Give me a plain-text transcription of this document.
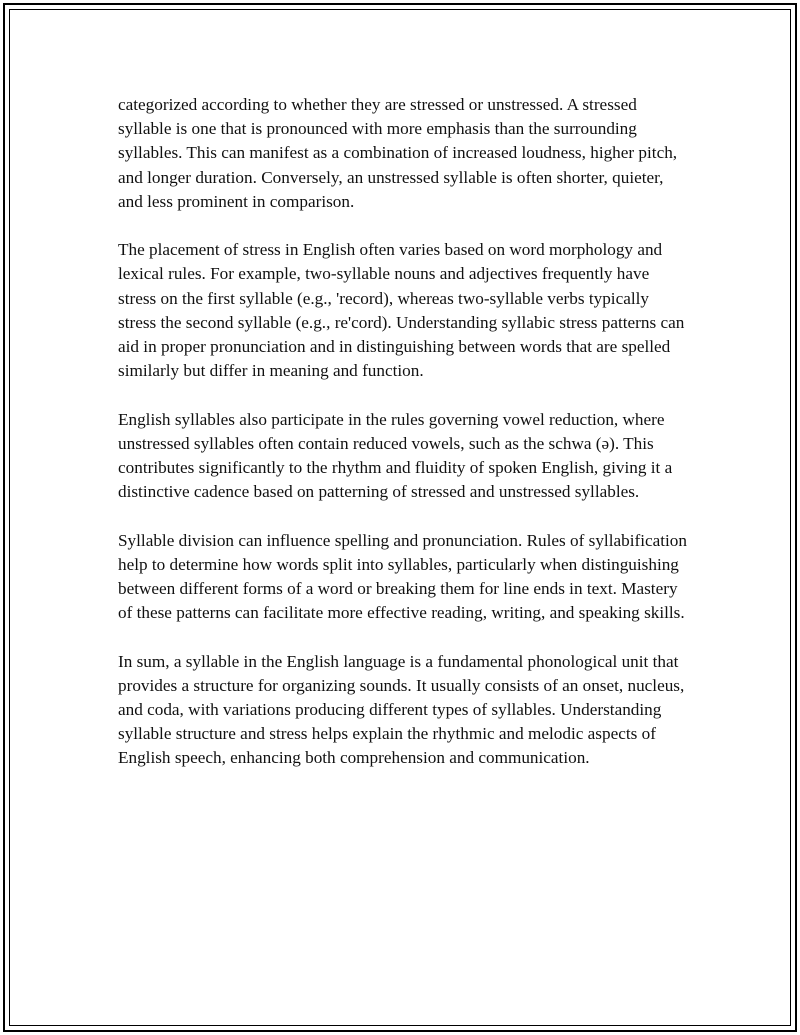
categorized according to whether they are stressed or unstressed. A stressed syllable is one that is pronounced with more emphasis than the surrounding syllables. This can manifest as a combination of increased loudness, higher pitch, and longer duration. Conversely, an unstressed syllable is often shorter, quieter, and less prominent in comparison.

The placement of stress in English often varies based on word morphology and lexical rules. For example, two-syllable nouns and adjectives frequently have stress on the first syllable (e.g., 'record), whereas two-syllable verbs typically stress the second syllable (e.g., re'cord). Understanding syllabic stress patterns can aid in proper pronunciation and in distinguishing between words that are spelled similarly but differ in meaning and function.

English syllables also participate in the rules governing vowel reduction, where unstressed syllables often contain reduced vowels, such as the schwa (ə). This contributes significantly to the rhythm and fluidity of spoken English, giving it a distinctive cadence based on patterning of stressed and unstressed syllables.

Syllable division can influence spelling and pronunciation. Rules of syllabification help to determine how words split into syllables, particularly when distinguishing between different forms of a word or breaking them for line ends in text. Mastery of these patterns can facilitate more effective reading, writing, and speaking skills.

In sum, a syllable in the English language is a fundamental phonological unit that provides a structure for organizing sounds. It usually consists of an onset, nucleus, and coda, with variations producing different types of syllables. Understanding syllable structure and stress helps explain the rhythmic and melodic aspects of English speech, enhancing both comprehension and communication.
